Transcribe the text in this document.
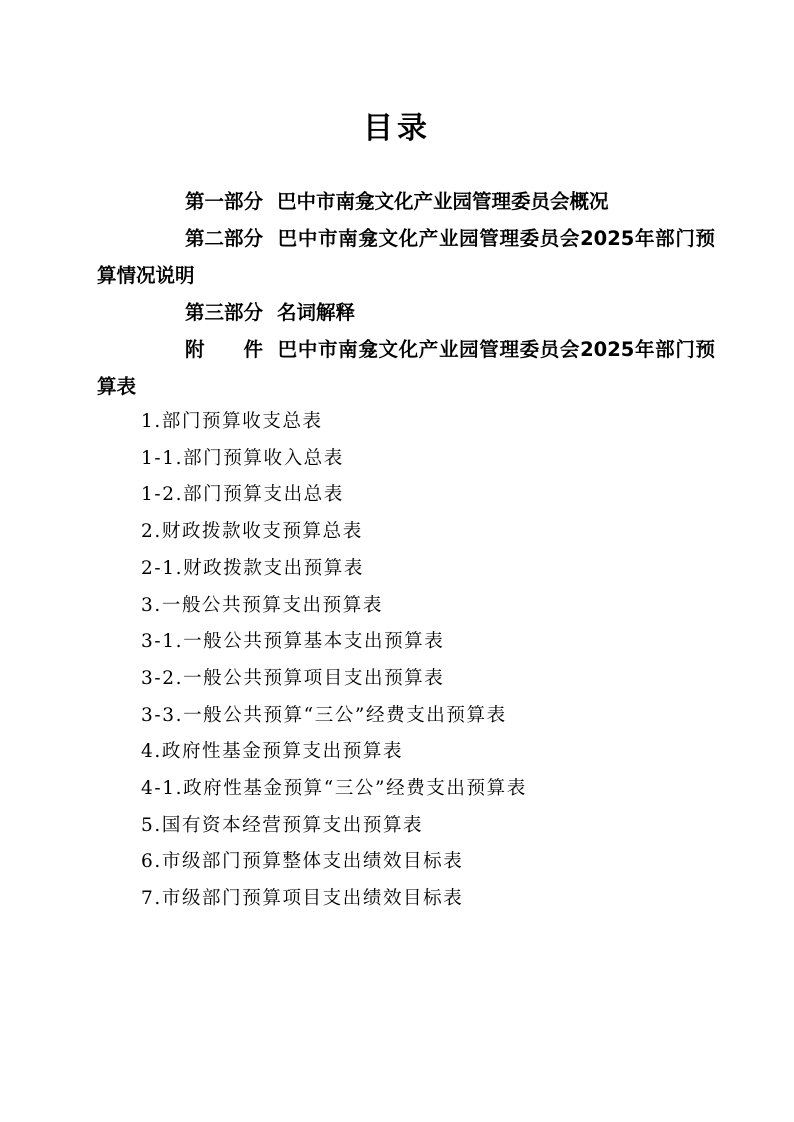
目录

第一部分 巴中市南龛文化产业园管理委员会概况

第二部分 巴中市南龛文化产业园管理委员会2025年部门预算情况说明

第三部分 名词解释

附　　件 巴中市南龛文化产业园管理委员会2025年部门预算表

1.部门预算收支总表
1-1.部门预算收入总表
1-2.部门预算支出总表
2.财政拨款收支预算总表
2-1.财政拨款支出预算表
3.一般公共预算支出预算表
3-1.一般公共预算基本支出预算表
3-2.一般公共预算项目支出预算表
3-3.一般公共预算“三公”经费支出预算表
4.政府性基金预算支出预算表
4-1.政府性基金预算“三公”经费支出预算表
5.国有资本经营预算支出预算表
6.市级部门预算整体支出绩效目标表
7.市级部门预算项目支出绩效目标表
